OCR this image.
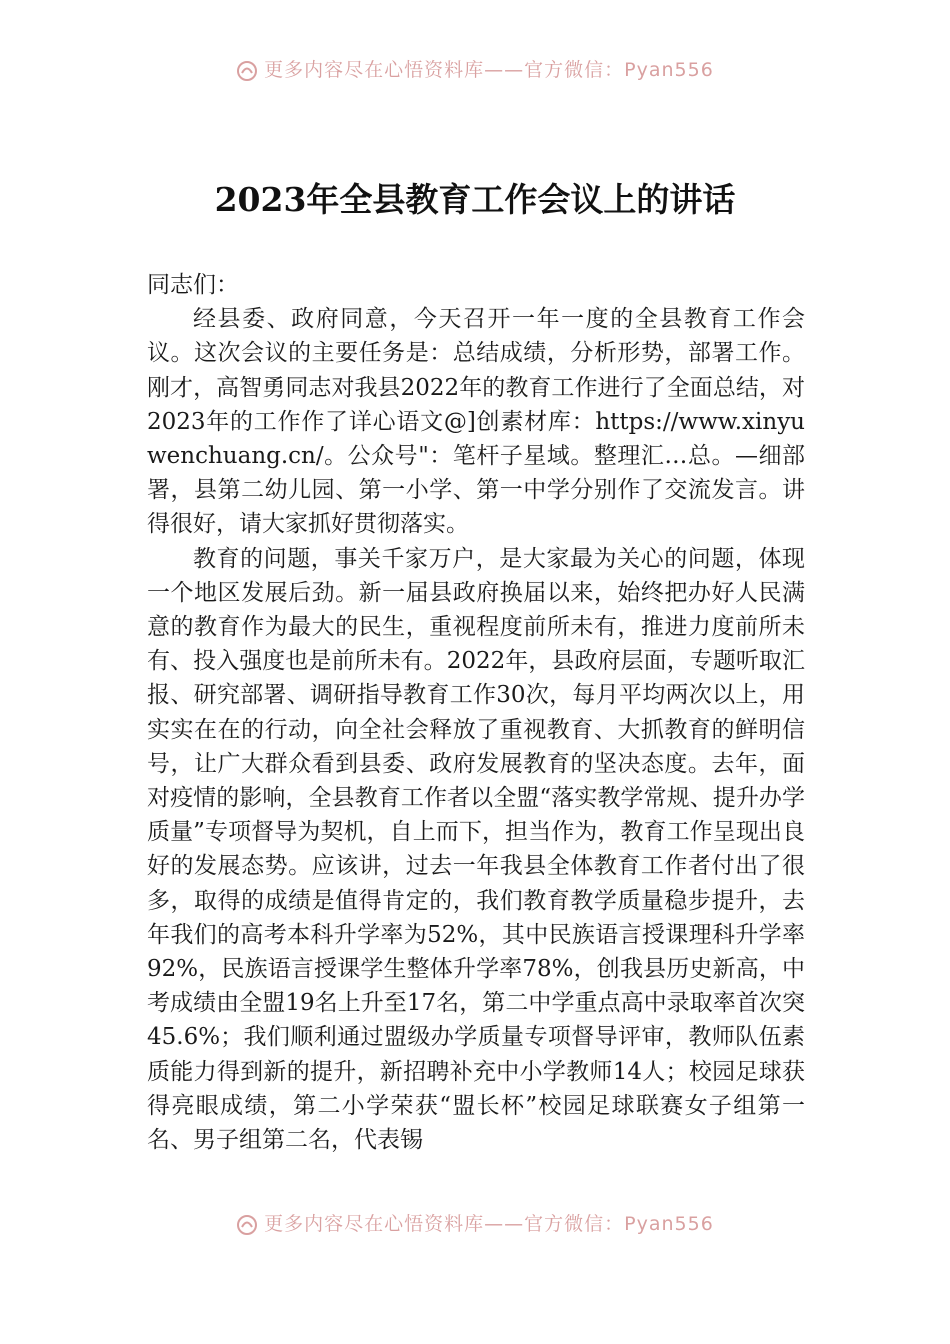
更多内容尽在心悟资料库——官方微信：Pyan556
2023年全县教育工作会议上的讲话

同志们：

经县委、政府同意，今天召开一年一度的全县教育工作会议。这次会议的主要任务是：总结成绩，分析形势，部署工作。刚才，高智勇同志对我县2022年的教育工作进行了全面总结，对2023年的工作作了详心语文@]创素材库：https://www.xinyuwenchuang.cn/。公众号"：笔杆子星域。整理汇…总。—细部署，县第二幼儿园、第一小学、第一中学分别作了交流发言。讲得很好，请大家抓好贯彻落实。

教育的问题，事关千家万户，是大家最为关心的问题，体现一个地区发展后劲。新一届县政府换届以来，始终把办好人民满意的教育作为最大的民生，重视程度前所未有，推进力度前所未有、投入强度也是前所未有。2022年，县政府层面，专题听取汇报、研究部署、调研指导教育工作30次，每月平均两次以上，用实实在在的行动，向全社会释放了重视教育、大抓教育的鲜明信号，让广大群众看到县委、政府发展教育的坚决态度。去年，面对疫情的影响，全县教育工作者以全盟“落实教学常规、提升办学质量”专项督导为契机，自上而下，担当作为，教育工作呈现出良好的发展态势。应该讲，过去一年我县全体教育工作者付出了很多，取得的成绩是值得肯定的，我们教育教学质量稳步提升，去年我们的高考本科升学率为52%，其中民族语言授课理科升学率92%，民族语言授课学生整体升学率78%，创我县历史新高，中考成绩由全盟19名上升至17名，第二中学重点高中录取率首次突45.6%；我们顺利通过盟级办学质量专项督导评审，教师队伍素质能力得到新的提升，新招聘补充中小学教师14人；校园足球获得亮眼成绩，第二小学荣获“盟长杯”校园足球联赛女子组第一名、男子组第二名，代表锡

更多内容尽在心悟资料库——官方微信：Pyan556
